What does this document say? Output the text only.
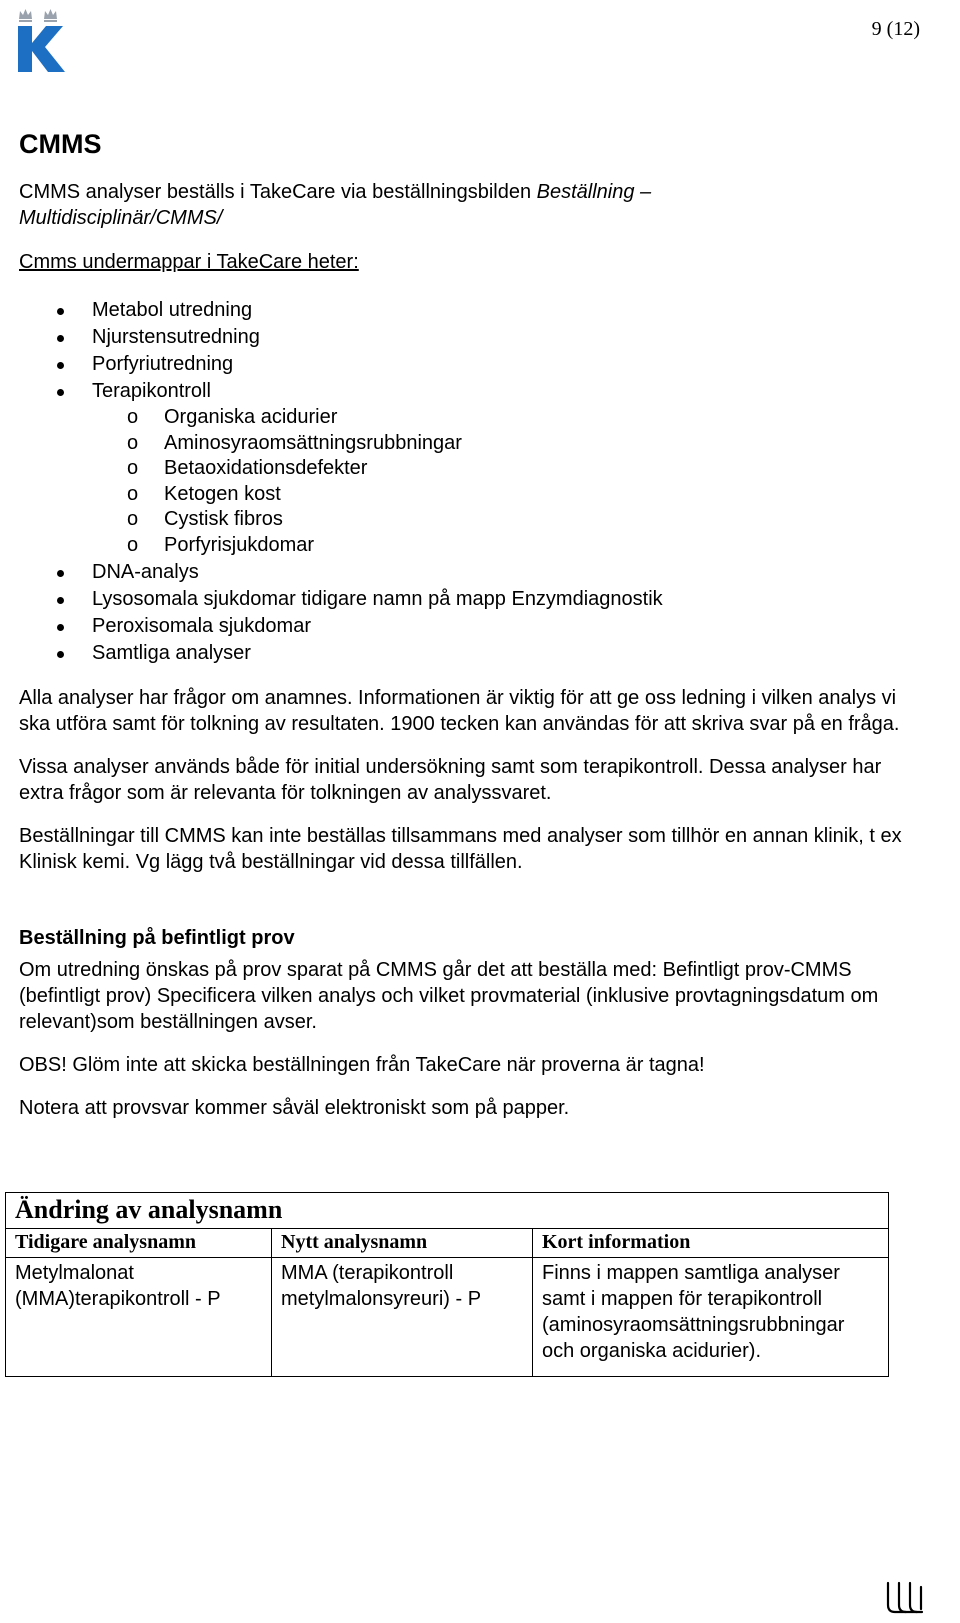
9 (12)
CMMS

CMMS analyser beställs i TakeCare via beställningsbilden Beställning –
Multidisciplinär/CMMS/

Cmms undermappar i TakeCare heter:

Metabol utredning
Njurstensutredning
Porfyriutredning
Terapikontroll
o Organiska acidurier
o Aminosyraomsättningsrubbningar
o Betaoxidationsdefekter
o Ketogen kost
o Cystisk fibros
o Porfyrisjukdomar
DNA-analys
Lysosomala sjukdomar tidigare namn på mapp Enzymdiagnostik
Peroxisomala sjukdomar
Samtliga analyser

Alla analyser har frågor om anamnes. Informationen är viktig för att ge oss ledning i vilken analys vi ska utföra samt för tolkning av resultaten. 1900 tecken kan användas för att skriva svar på en fråga.

Vissa analyser används både för initial undersökning samt som terapikontroll. Dessa analyser har extra frågor som är relevanta för tolkningen av analyssvaret.

Beställningar till CMMS kan inte beställas tillsammans med analyser som tillhör en annan klinik, t ex Klinisk kemi. Vg lägg två beställningar vid dessa tillfällen.

Beställning på befintligt prov

Om utredning önskas på prov sparat på CMMS går det att beställa med: Befintligt prov-CMMS (befintligt prov) Specificera vilken analys och vilket provmaterial (inklusive provtagningsdatum om relevant)som beställningen avser.

OBS! Glöm inte att skicka beställningen från TakeCare när proverna är tagna!

Notera att provsvar kommer såväl elektroniskt som på papper.

Ändring av analysnamn		
Tidigare analysnamn	Nytt analysnamn	Kort information
Metylmalonat (MMA)terapikontroll - P	MMA (terapikontroll metylmalonsyreuri) - P	Finns i mappen samtliga analyser samt i mappen för terapikontroll (aminosyraomsättningsrubbningar och organiska acidurier).
